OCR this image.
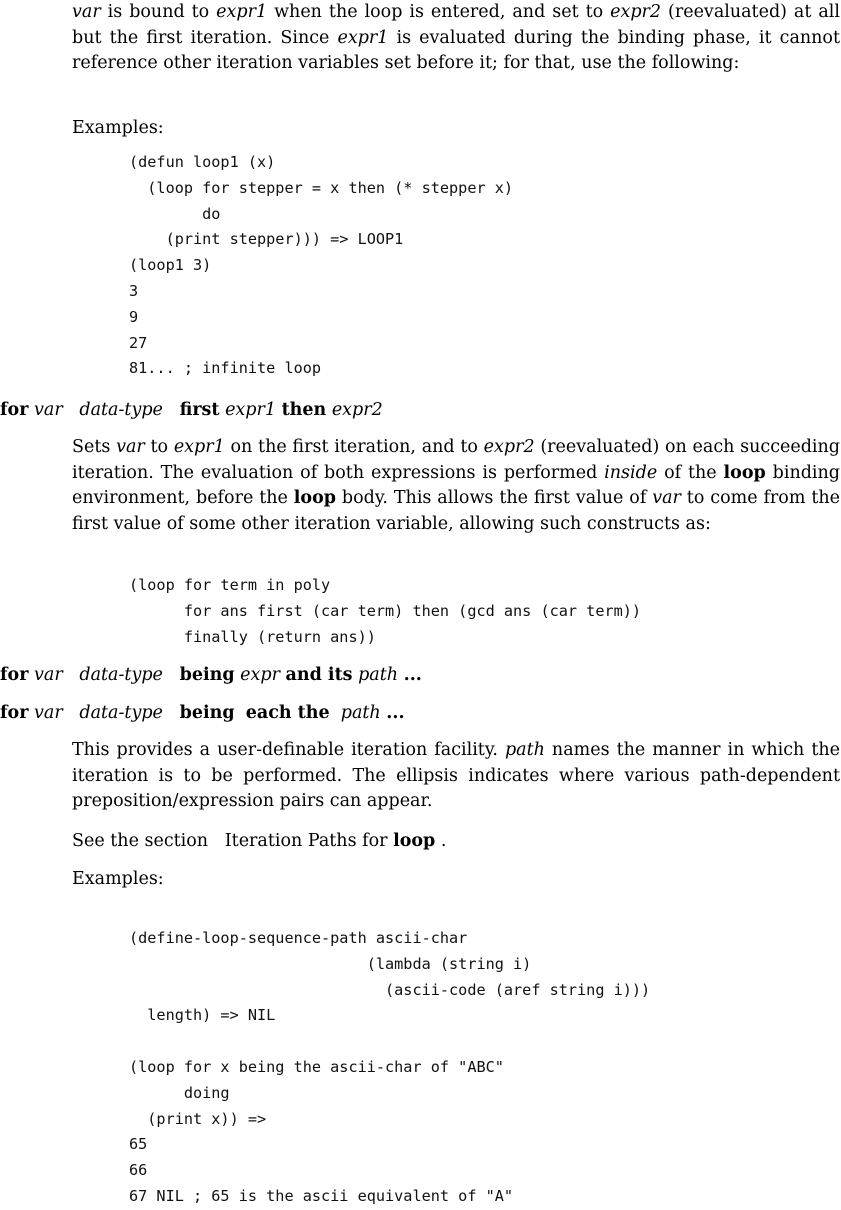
var is bound to expr1 when the loop is entered, and set to expr2 (reevaluated) at all but the first iteration. Since expr1 is evaluated during the binding phase, it cannot reference other iteration variables set before it; for that, use the following:

Examples:

(defun loop1 (x)
(loop for stepper = x then (* stepper x)
do
(print stepper))) => LOOP1
(loop1 3)
3
9
27
81... ; infinite loop

for var data-type first expr1 then expr2

Sets var to expr1 on the first iteration, and to expr2 (reevaluated) on each succeeding iteration. The evaluation of both expressions is performed inside of the loop binding environment, before the loop body. This allows the first value of var to come from the first value of some other iteration variable, allowing such constructs as:

(loop for term in poly
for ans first (car term) then (gcd ans (car term))
finally (return ans))

for var data-type being expr and its path ...

for var data-type being each the path ...

This provides a user-definable iteration facility. path names the manner in which the iteration is to be performed. The ellipsis indicates where various path-dependent preposition/expression pairs can appear.

See the section   Iteration Paths for loop .

Examples:

(define-loop-sequence-path ascii-char
(lambda (string i)
(ascii-code (aref string i)))
length) => NIL

(loop for x being the ascii-char of "ABC"
doing
(print x)) =>
65
66
67 NIL ; 65 is the ascii equivalent of "A"
